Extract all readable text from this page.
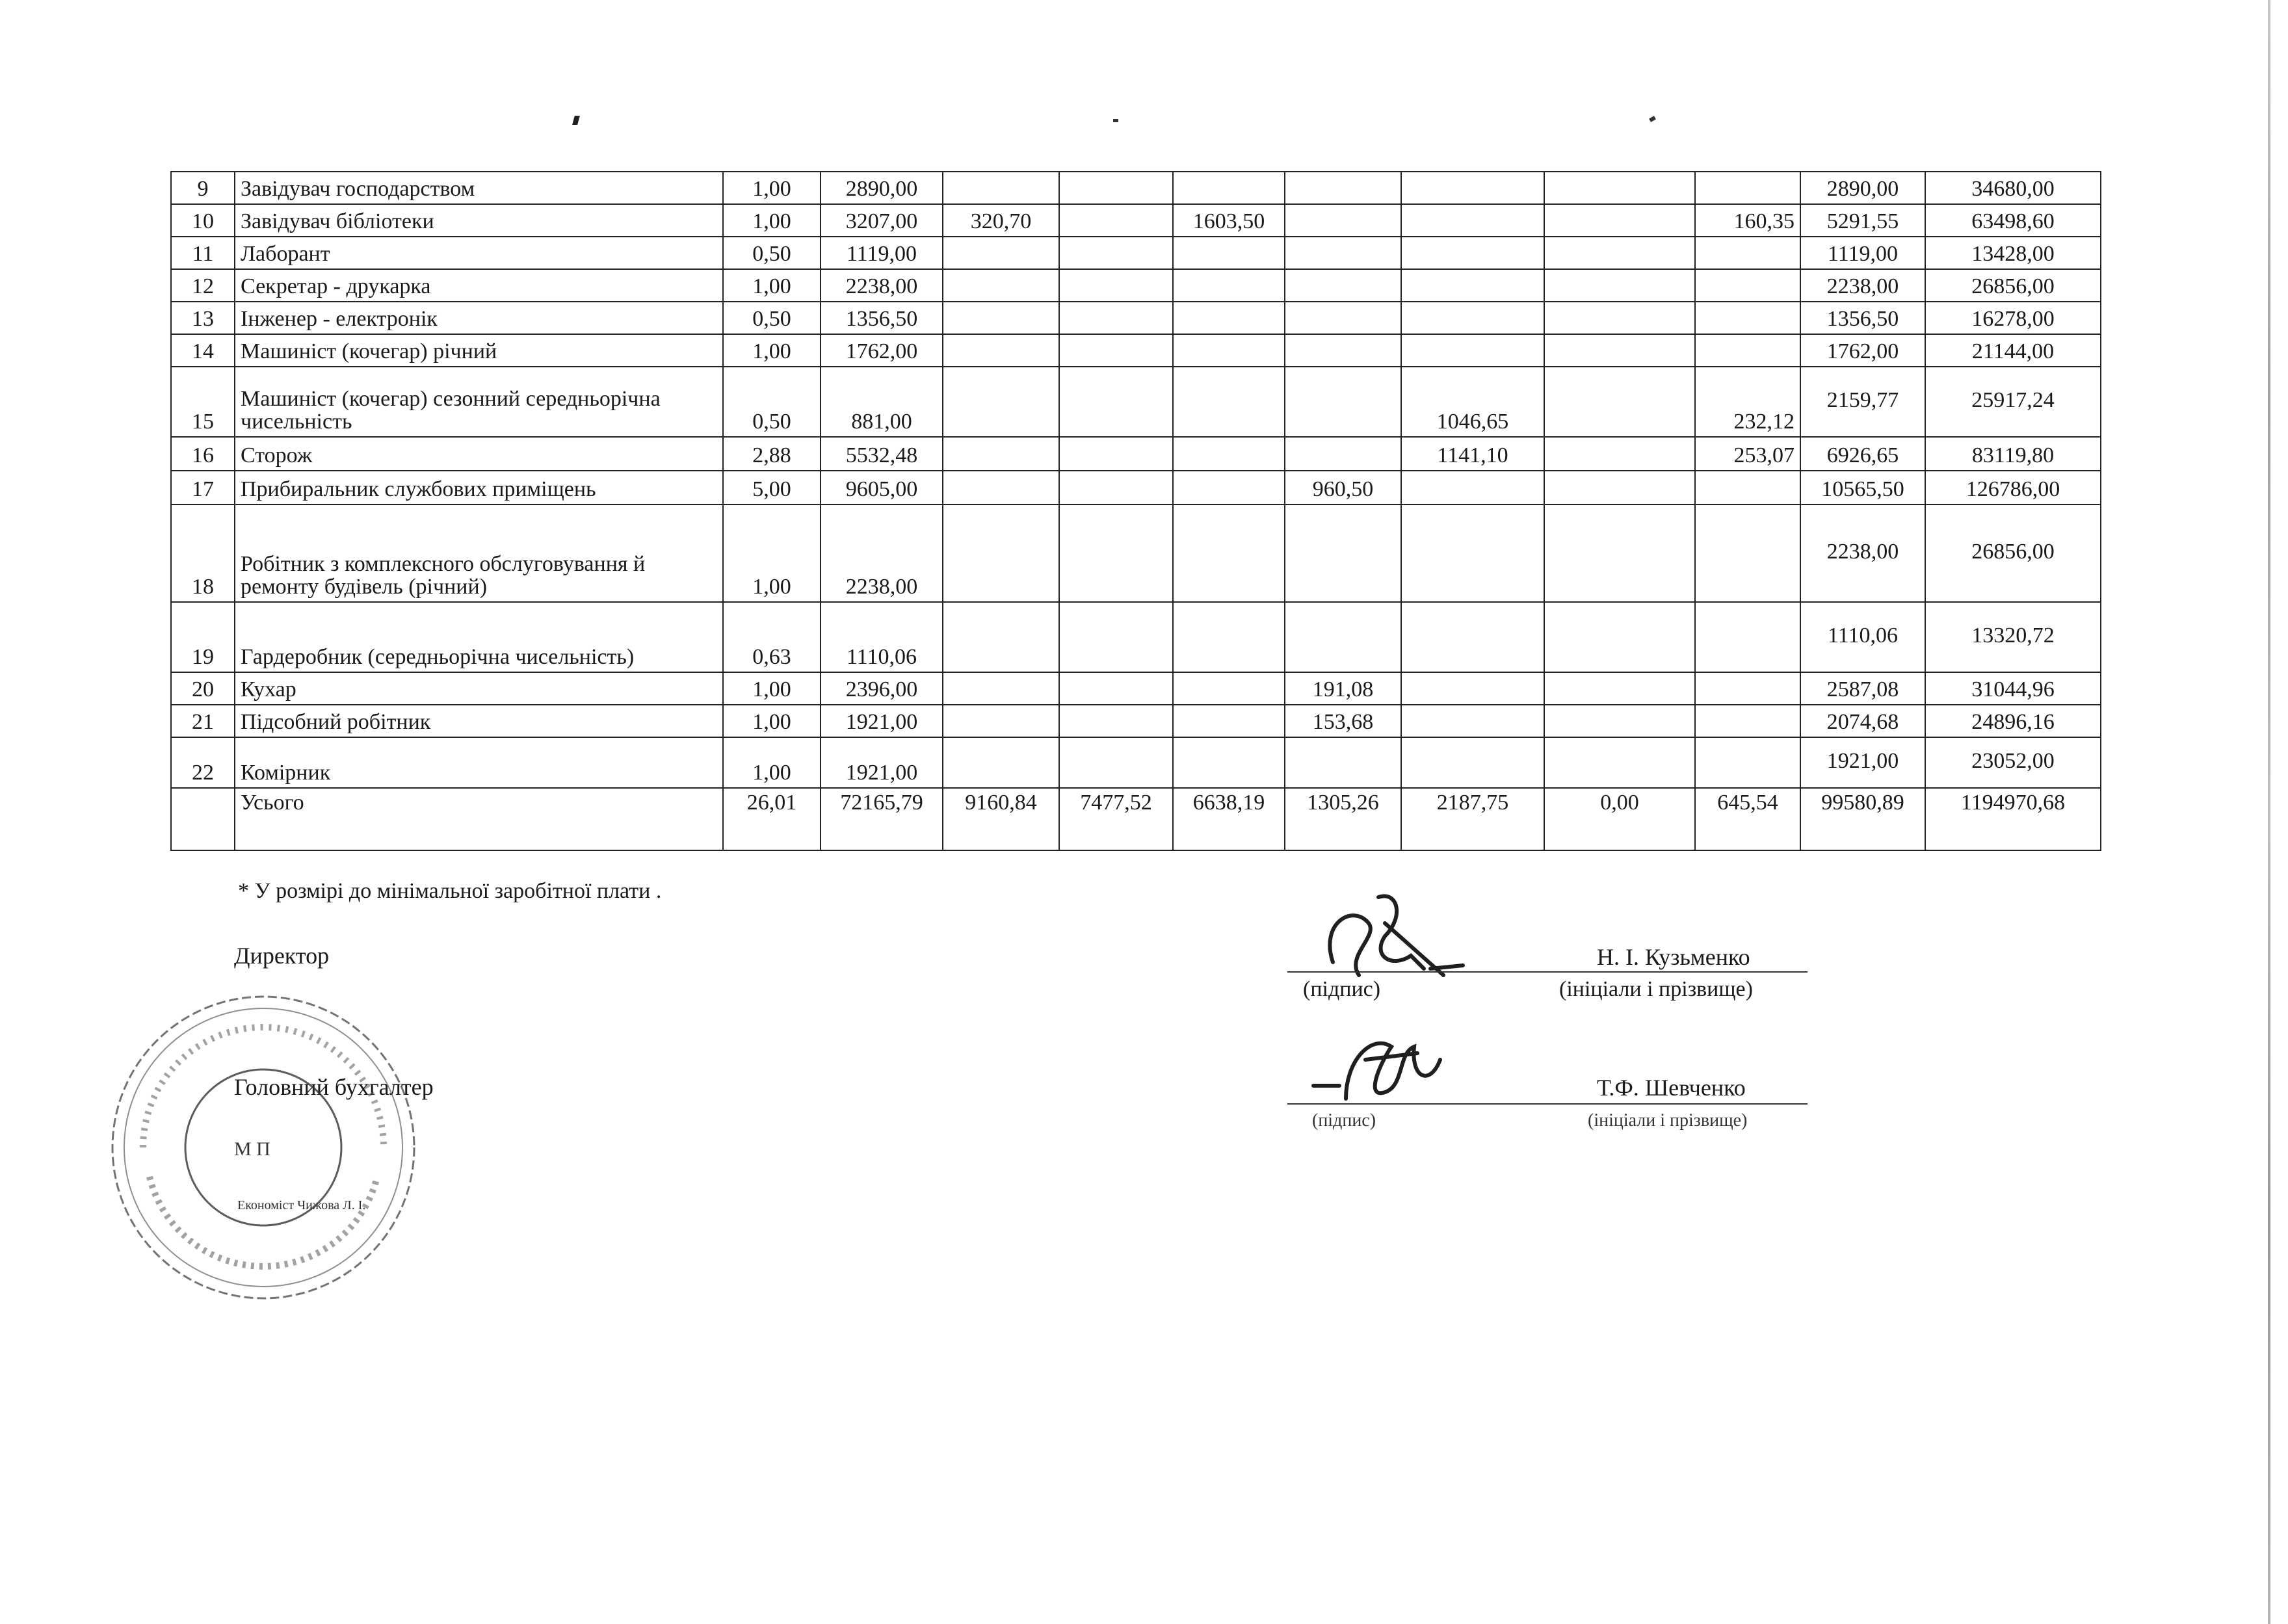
9	Завідувач господарством	1,00	2890,00								2890,00	34680,00
10	Завідувач бібліотеки	1,00	3207,00	320,70		1603,50				160,35	5291,55	63498,60
11	Лаборант	0,50	1119,00								1119,00	13428,00
12	Секретар - друкарка	1,00	2238,00								2238,00	26856,00
13	Інженер - електронік	0,50	1356,50								1356,50	16278,00
14	Машиніст (кочегар) річний	1,00	1762,00								1762,00	21144,00
15	Машиніст (кочегар) сезонний середньорічна чисельність	0,50	881,00					1046,65		232,12	2159,77	25917,24
16	Сторож	2,88	5532,48					1141,10		253,07	6926,65	83119,80
17	Прибиральник службових приміщень	5,00	9605,00				960,50				10565,50	126786,00
18	Робітник з комплексного обслуговування й ремонту будівель (річний)	1,00	2238,00								2238,00	26856,00
19	Гардеробник (середньорічна чисельність)	0,63	1110,06								1110,06	13320,72
20	Кухар	1,00	2396,00				191,08				2587,08	31044,96
21	Підсобний робітник	1,00	1921,00				153,68				2074,68	24896,16
22	Комірник	1,00	1921,00								1921,00	23052,00
	Усього	26,01	72165,79	9160,84	7477,52	6638,19	1305,26	2187,75	0,00	645,54	99580,89	1194970,68
* У розмірі до мінімальної заробітної плати .
Директор	Н. І. Кузьменко
(підпис)	(ініціали і прізвище)
Головний бухгалтер	Т.Ф. Шевченко
(підпис)	(ініціали і прізвище)
М П
Економіст Чижова Л. І.
